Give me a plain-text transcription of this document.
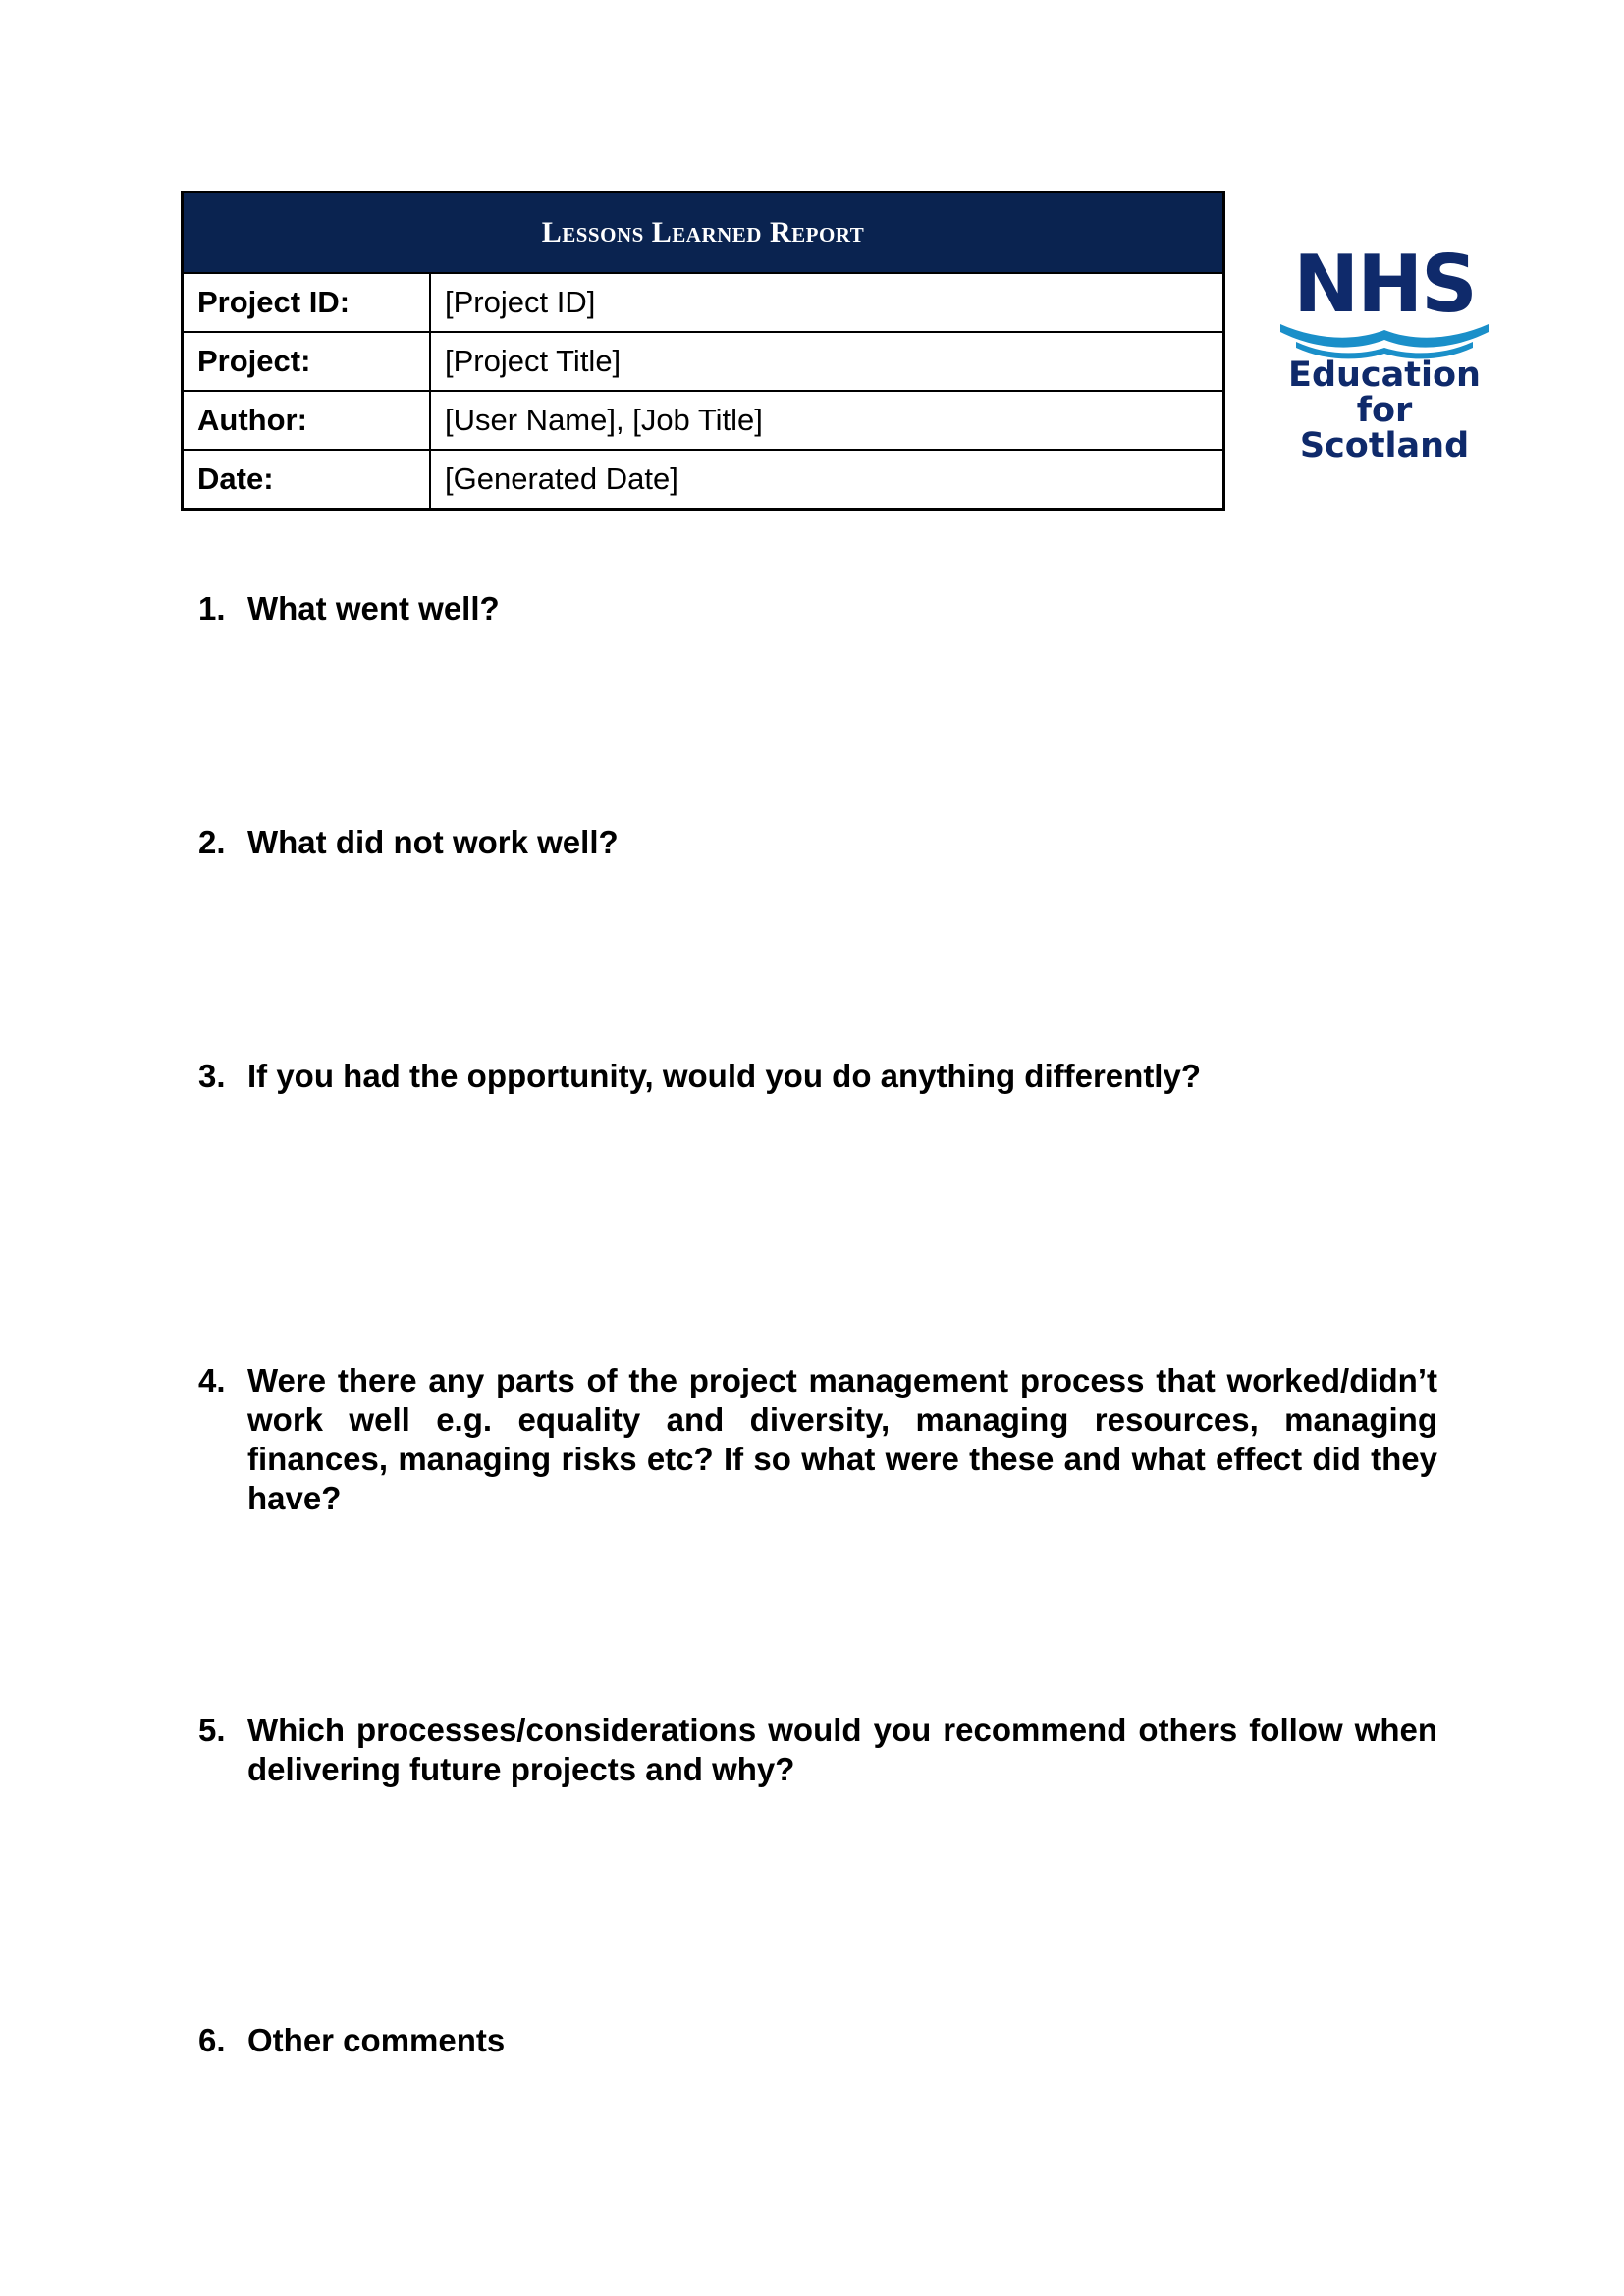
Lessons Learned Report	
Project ID:	[Project ID]
Project:	[Project Title]
Author:	[User Name], [Job Title]
Date:	[Generated Date]
NHS
Education
for
Scotland
1. What went well?
2. What did not work well?
3. If you had the opportunity, would you do anything differently?
4. Were there any parts of the project management process that worked/didn’t work well e.g. equality and diversity, managing resources, managing finances, managing risks etc? If so what were these and what effect did they have?
5. Which processes/considerations would you recommend others follow when delivering future projects and why?
6. Other comments
